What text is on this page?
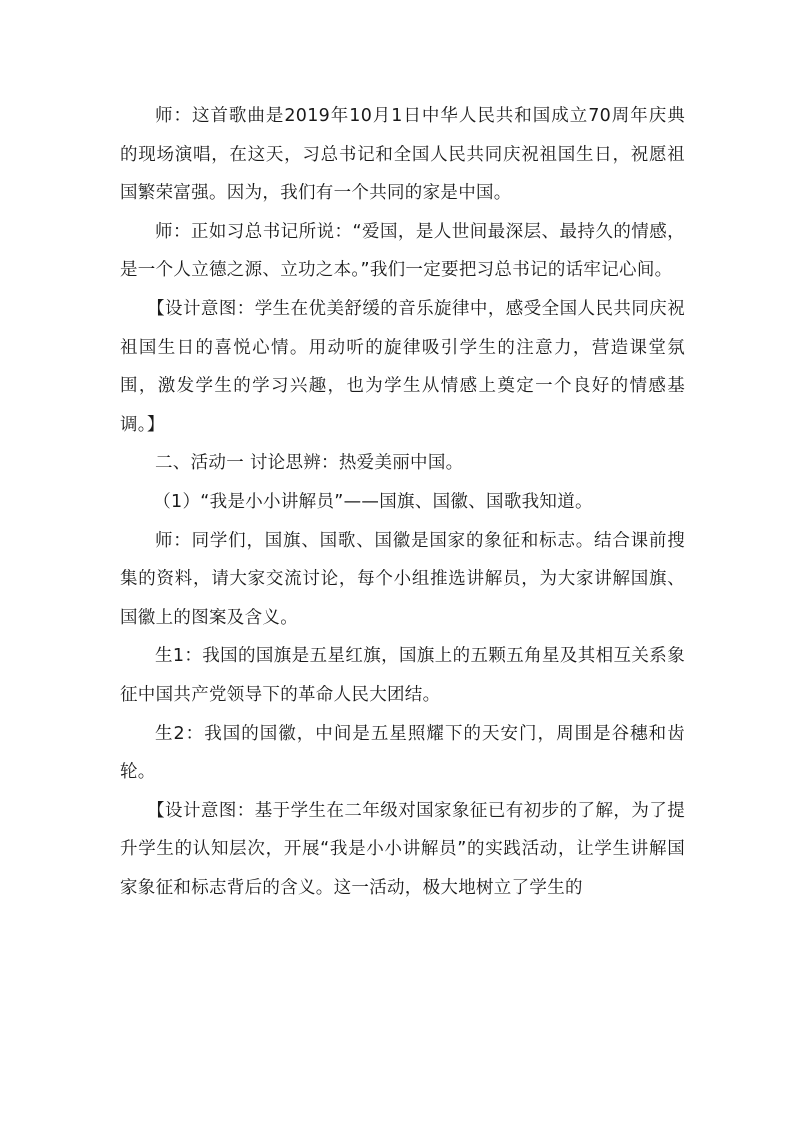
师：这首歌曲是2019年10月1日中华人民共和国成立70周年庆典的现场演唱，在这天，习总书记和全国人民共同庆祝祖国生日，祝愿祖国繁荣富强。因为，我们有一个共同的家是中国。

师：正如习总书记所说：“爱国，是人世间最深层、最持久的情感，是一个人立德之源、立功之本。”我们一定要把习总书记的话牢记心间。

【设计意图：学生在优美舒缓的音乐旋律中，感受全国人民共同庆祝祖国生日的喜悦心情。用动听的旋律吸引学生的注意力，营造课堂氛围，激发学生的学习兴趣，也为学生从情感上奠定一个良好的情感基调。】

二、活动一 讨论思辨：热爱美丽中国。

（1）“我是小小讲解员”——国旗、国徽、国歌我知道。

师：同学们，国旗、国歌、国徽是国家的象征和标志。结合课前搜集的资料，请大家交流讨论，每个小组推选讲解员，为大家讲解国旗、国徽上的图案及含义。

生1：我国的国旗是五星红旗，国旗上的五颗五角星及其相互关系象征中国共产党领导下的革命人民大团结。

生2：我国的国徽，中间是五星照耀下的天安门，周围是谷穗和齿轮。

【设计意图：基于学生在二年级对国家象征已有初步的了解，为了提升学生的认知层次，开展“我是小小讲解员”的实践活动，让学生讲解国家象征和标志背后的含义。这一活动，极大地树立了学生的
